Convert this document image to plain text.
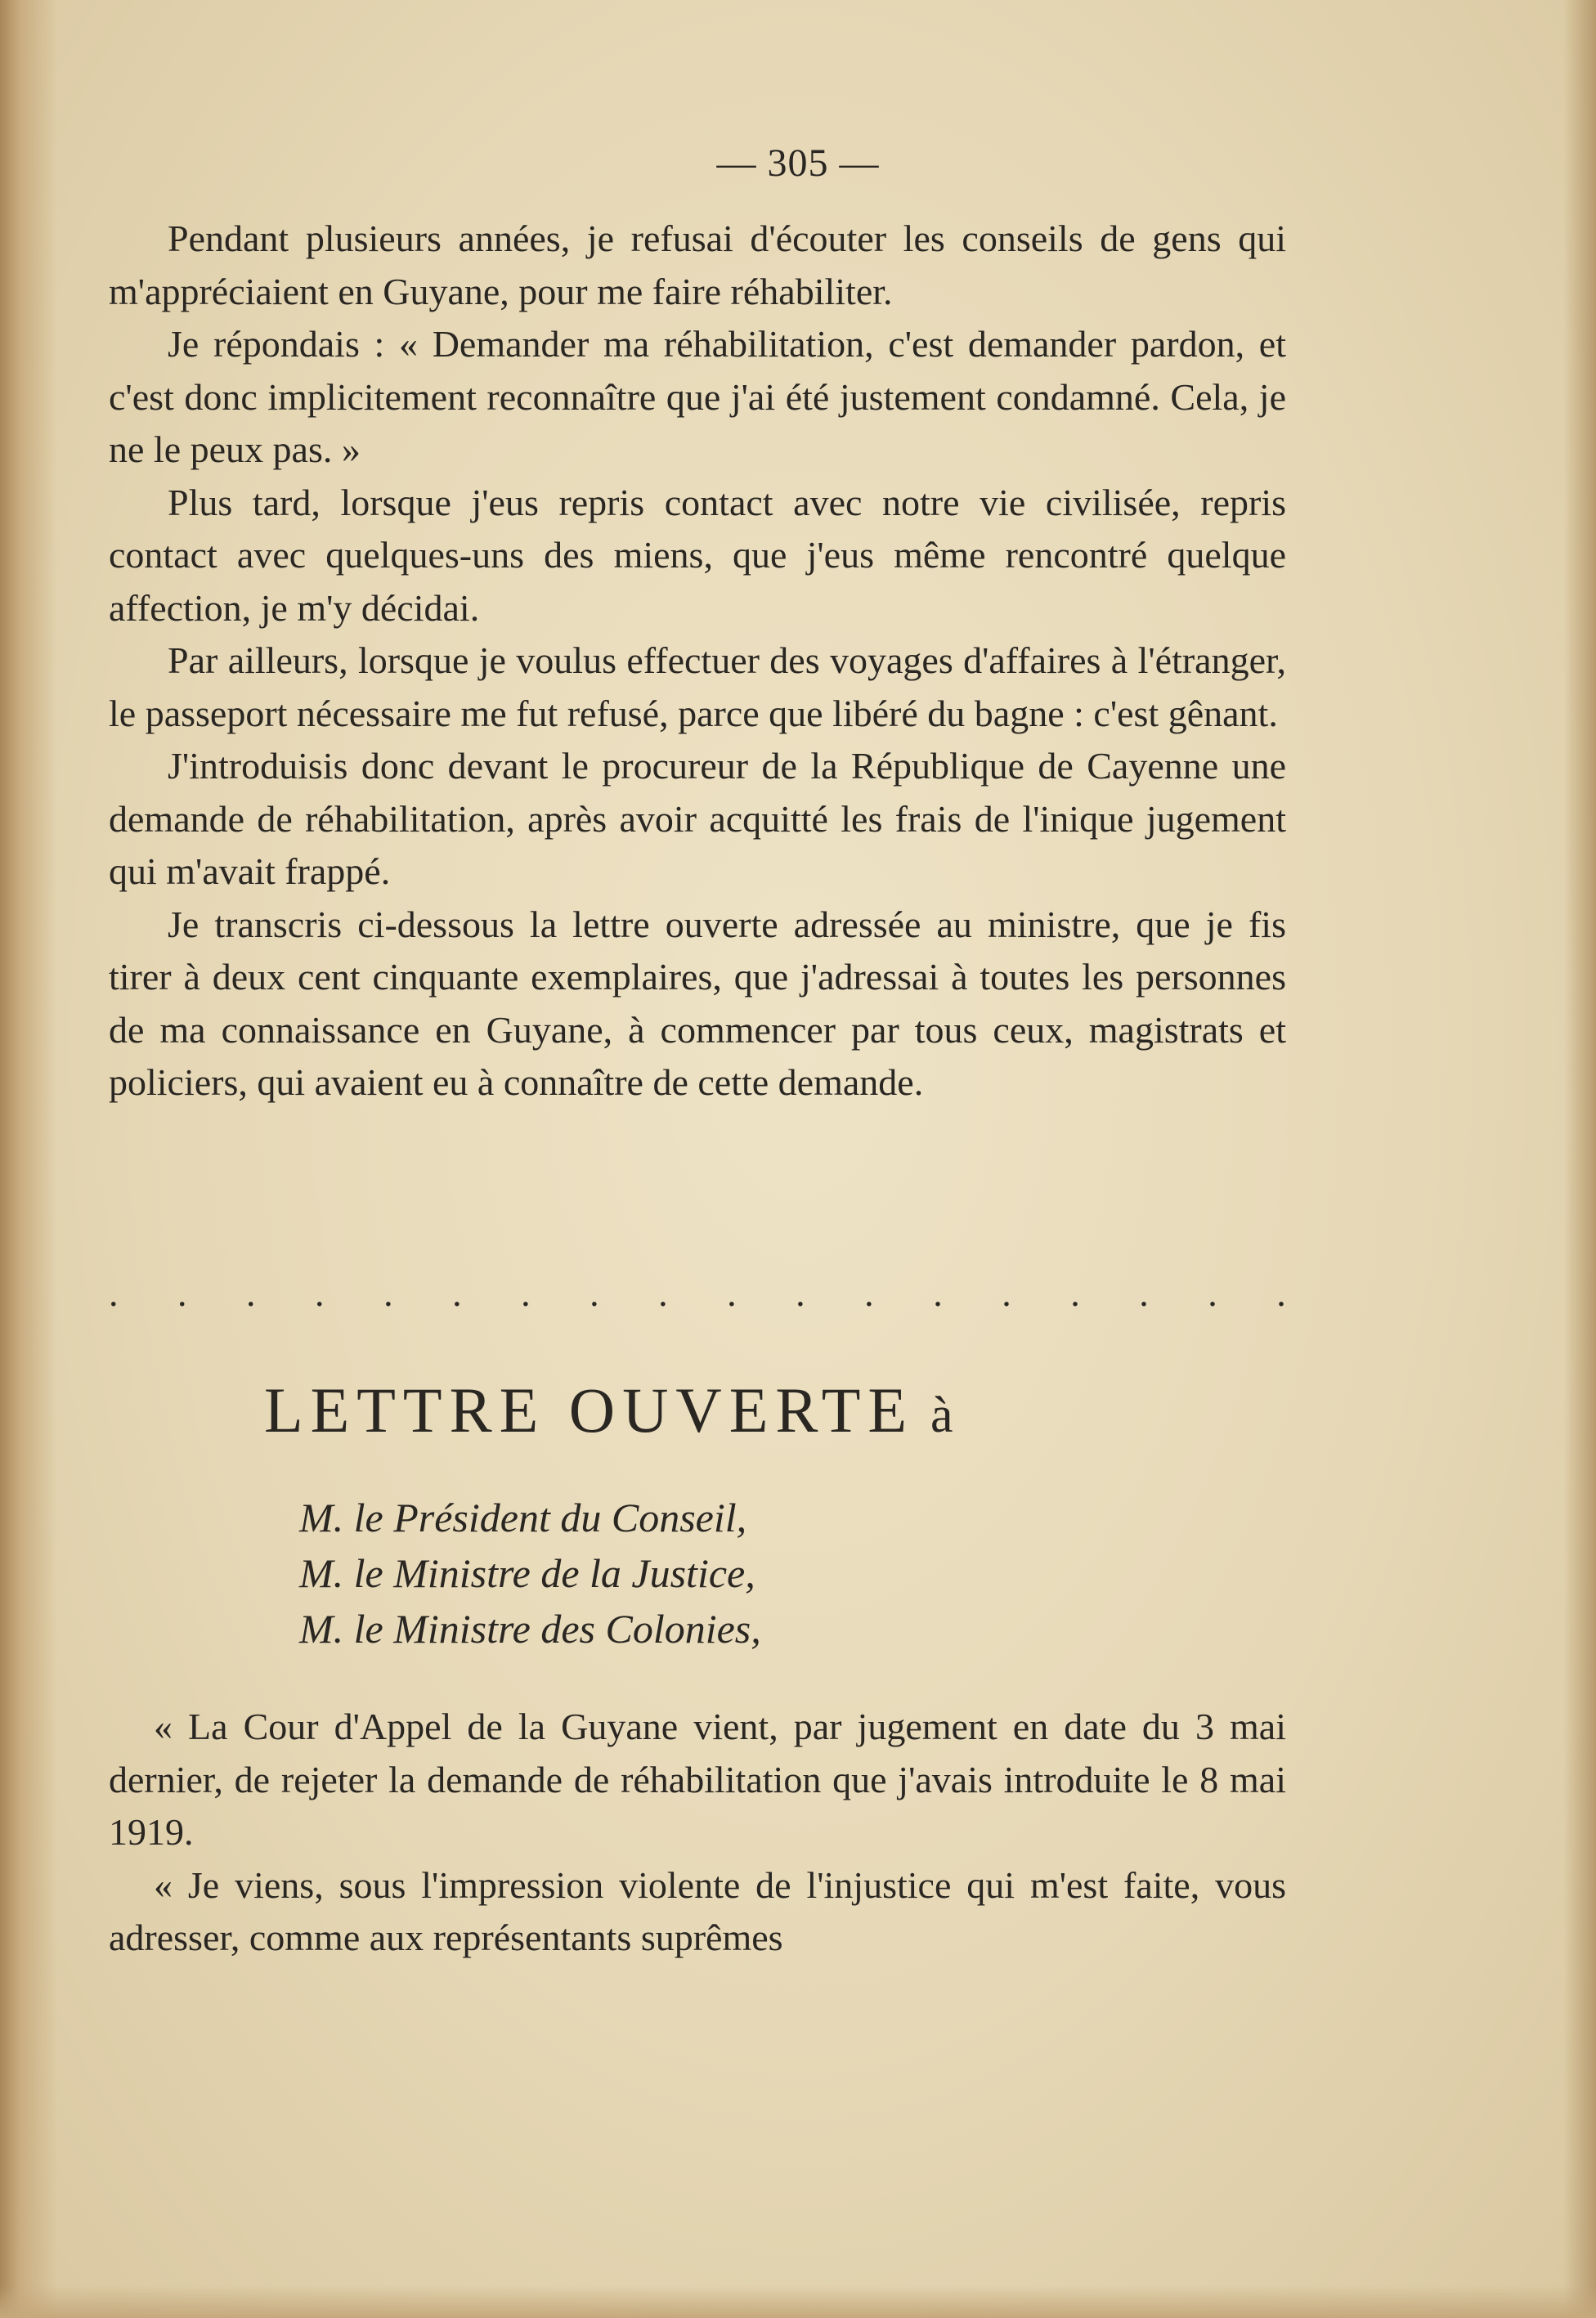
— 305 —

Pendant plusieurs années, je refusai d'écouter les conseils de gens qui m'appréciaient en Guyane, pour me faire réhabiliter.

Je répondais : « Demander ma réhabilitation, c'est demander pardon, et c'est donc implicitement reconnaître que j'ai été justement condamné. Cela, je ne le peux pas. »

Plus tard, lorsque j'eus repris contact avec notre vie civilisée, repris contact avec quelques-uns des miens, que j'eus même rencontré quelque affection, je m'y décidai.

Par ailleurs, lorsque je voulus effectuer des voyages d'affaires à l'étranger, le passeport nécessaire me fut refusé, parce que libéré du bagne : c'est gênant.

J'introduisis donc devant le procureur de la République de Cayenne une demande de réhabilitation, après avoir acquitté les frais de l'inique jugement qui m'avait frappé.

Je transcris ci-dessous la lettre ouverte adressée au ministre, que je fis tirer à deux cent cinquante exemplaires, que j'adressai à toutes les personnes de ma connaissance en Guyane, à commencer par tous ceux, magistrats et policiers, qui avaient eu à connaître de cette demande.

. . . . . . . . . . . . . . . . . .
LETTRE OUVERTE à
M. le Président du Conseil,
M. le Ministre de la Justice,
M. le Ministre des Colonies,

« La Cour d'Appel de la Guyane vient, par jugement en date du 3 mai dernier, de rejeter la demande de réhabilitation que j'avais introduite le 8 mai 1919.

« Je viens, sous l'impression violente de l'injustice qui m'est faite, vous adresser, comme aux représentants suprêmes
